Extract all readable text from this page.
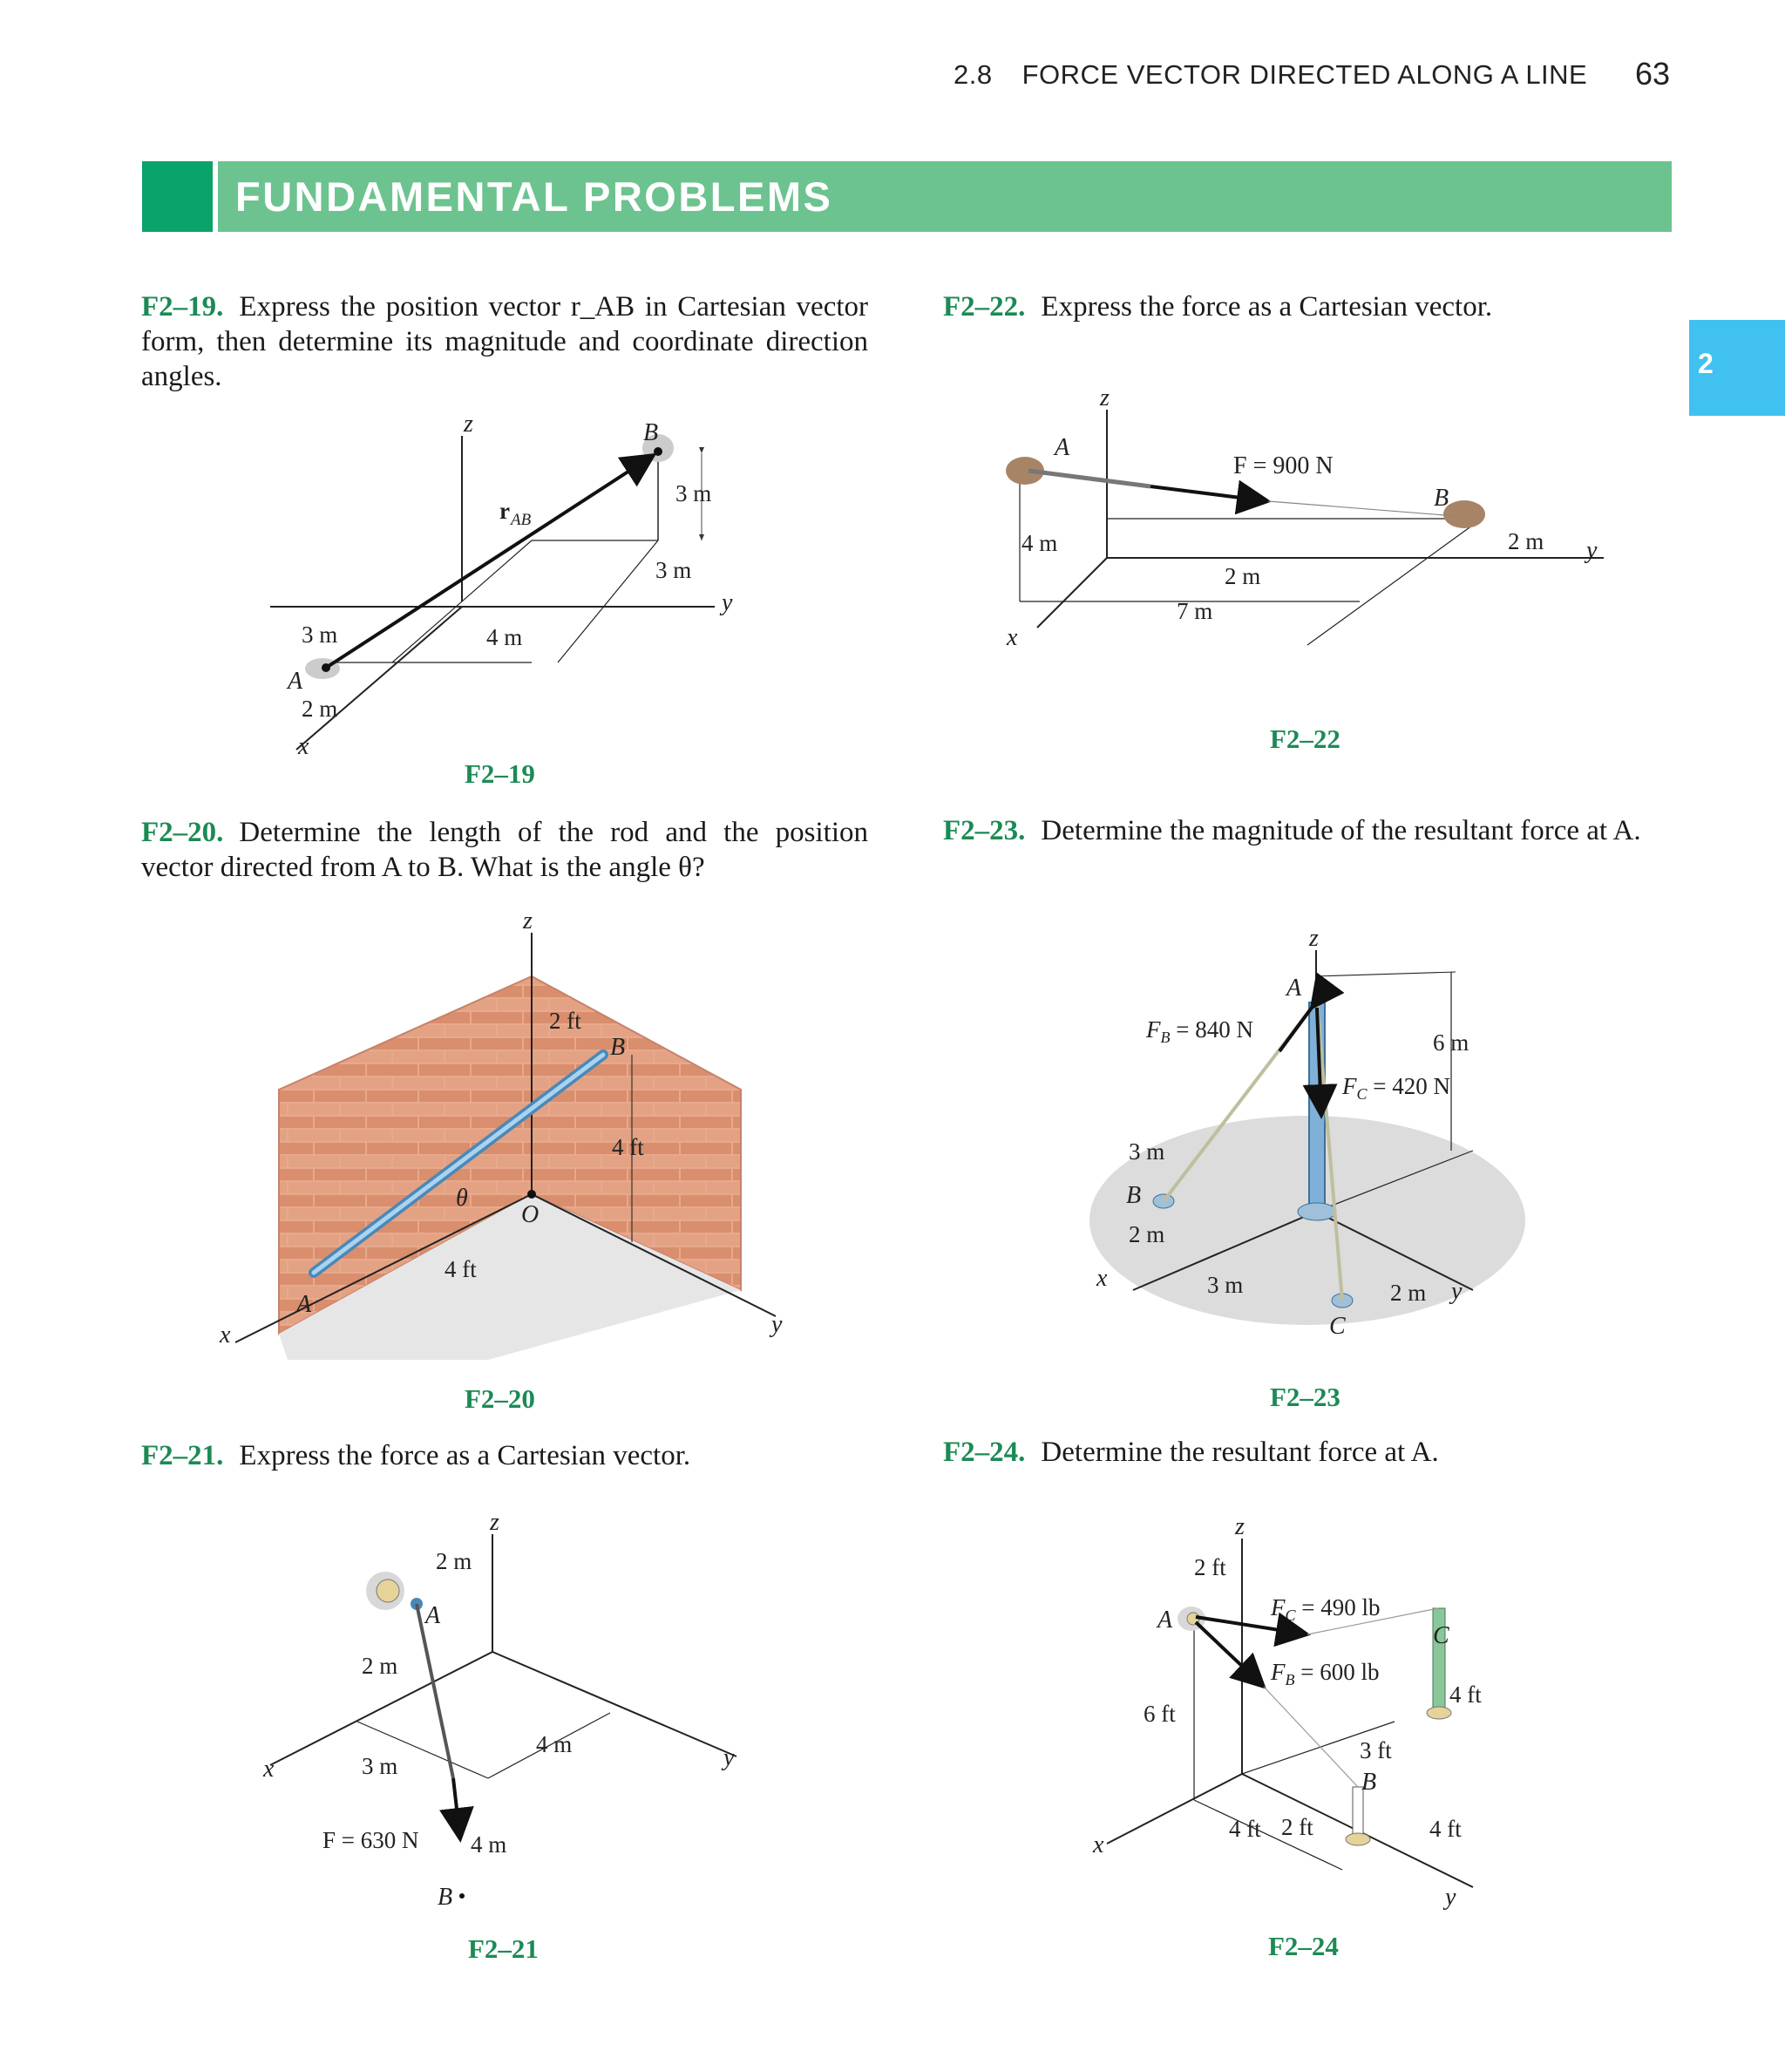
2.8 FORCE VECTOR DIRECTED ALONG A LINE 63
FUNDAMENTAL PROBLEMS
2
F2–19. Express the position vector r_AB in Cartesian vector form, then determine its magnitude and coordinate direction angles.
z
y
x
A
B
r AB
3 m
3 m
4 m
3 m
2 m
F2–19
F2–20. Determine the length of the rod and the position vector directed from A to B. What is the angle θ?
z
y
x
A
B
O
θ
2 ft
4 ft
4 ft
F2–20
F2–21. Express the force as a Cartesian vector.
z
y
x
A
B
F = 630 N
2 m
2 m
3 m
4 m
4 m
F2–21
F2–22. Express the force as a Cartesian vector.
z
y
x
A
B
F = 900 N
4 m
2 m
7 m
2 m
F2–22
F2–23. Determine the magnitude of the resultant force at A.
z
y
x
A
B
C
$F_B = 840$ N
$F_C = 420$ N
6 m
3 m
2 m
3 m	2 m
F2–23
F2–24. Determine the resultant force at A.
z
y
x
A
B
C
$F_C = 490$ lb
$F_B = 600$ lb
2 ft
6 ft
3 ft
4 ft
4 ft 2 ft	4 ft
F2–24
